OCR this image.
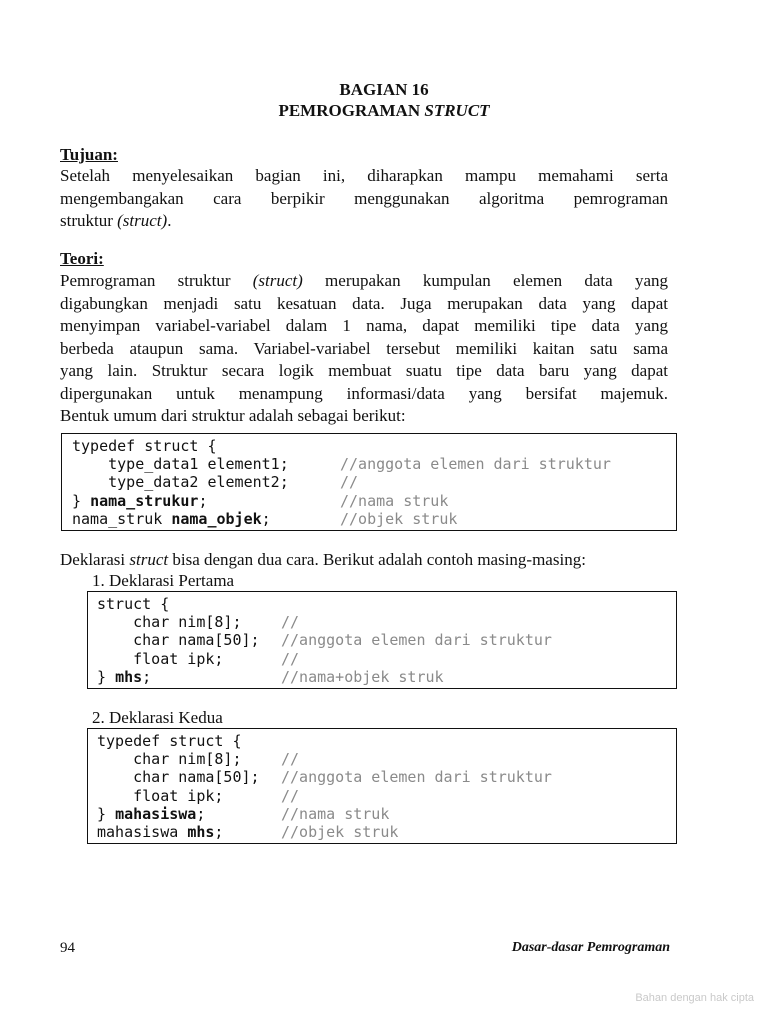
BAGIAN 16
PEMROGRAMAN STRUCT
Tujuan:
Setelah menyelesaikan bagian ini, diharapkan mampu memahami serta
mengembangakan cara berpikir menggunakan algoritma pemrograman
struktur (struct).
Teori:
Pemrograman struktur (struct) merupakan kumpulan elemen data yang
digabungkan menjadi satu kesatuan data. Juga merupakan data yang dapat
menyimpan variabel-variabel dalam 1 nama, dapat memiliki tipe data yang
berbeda ataupun sama. Variabel-variabel tersebut memiliki kaitan satu sama
yang lain. Struktur secara logik membuat suatu tipe data baru yang dapat
dipergunakan untuk menampung informasi/data yang bersifat majemuk.
Bentuk umum dari struktur adalah sebagai berikut:
typedef struct {
type_data1 element1;	//anggota elemen dari struktur
type_data2 element2;	//
} nama_strukur;	//nama struk
nama_struk nama_objek;	//objek struk
Deklarasi struct bisa dengan dua cara. Berikut adalah contoh masing-masing:
1. Deklarasi Pertama
struct {
char nim[8];	//
char nama[50]; //anggota elemen dari struktur
float ipk;	//
} mhs;	//nama+objek struk
2. Deklarasi Kedua
typedef struct {
char nim[8];	//
char nama[50]; //anggota elemen dari struktur
float ipk;	//
} mahasiswa;	//nama struk
mahasiswa mhs;	//objek struk
94	Dasar-dasar Pemrograman
Bahan dengan hak cipta
